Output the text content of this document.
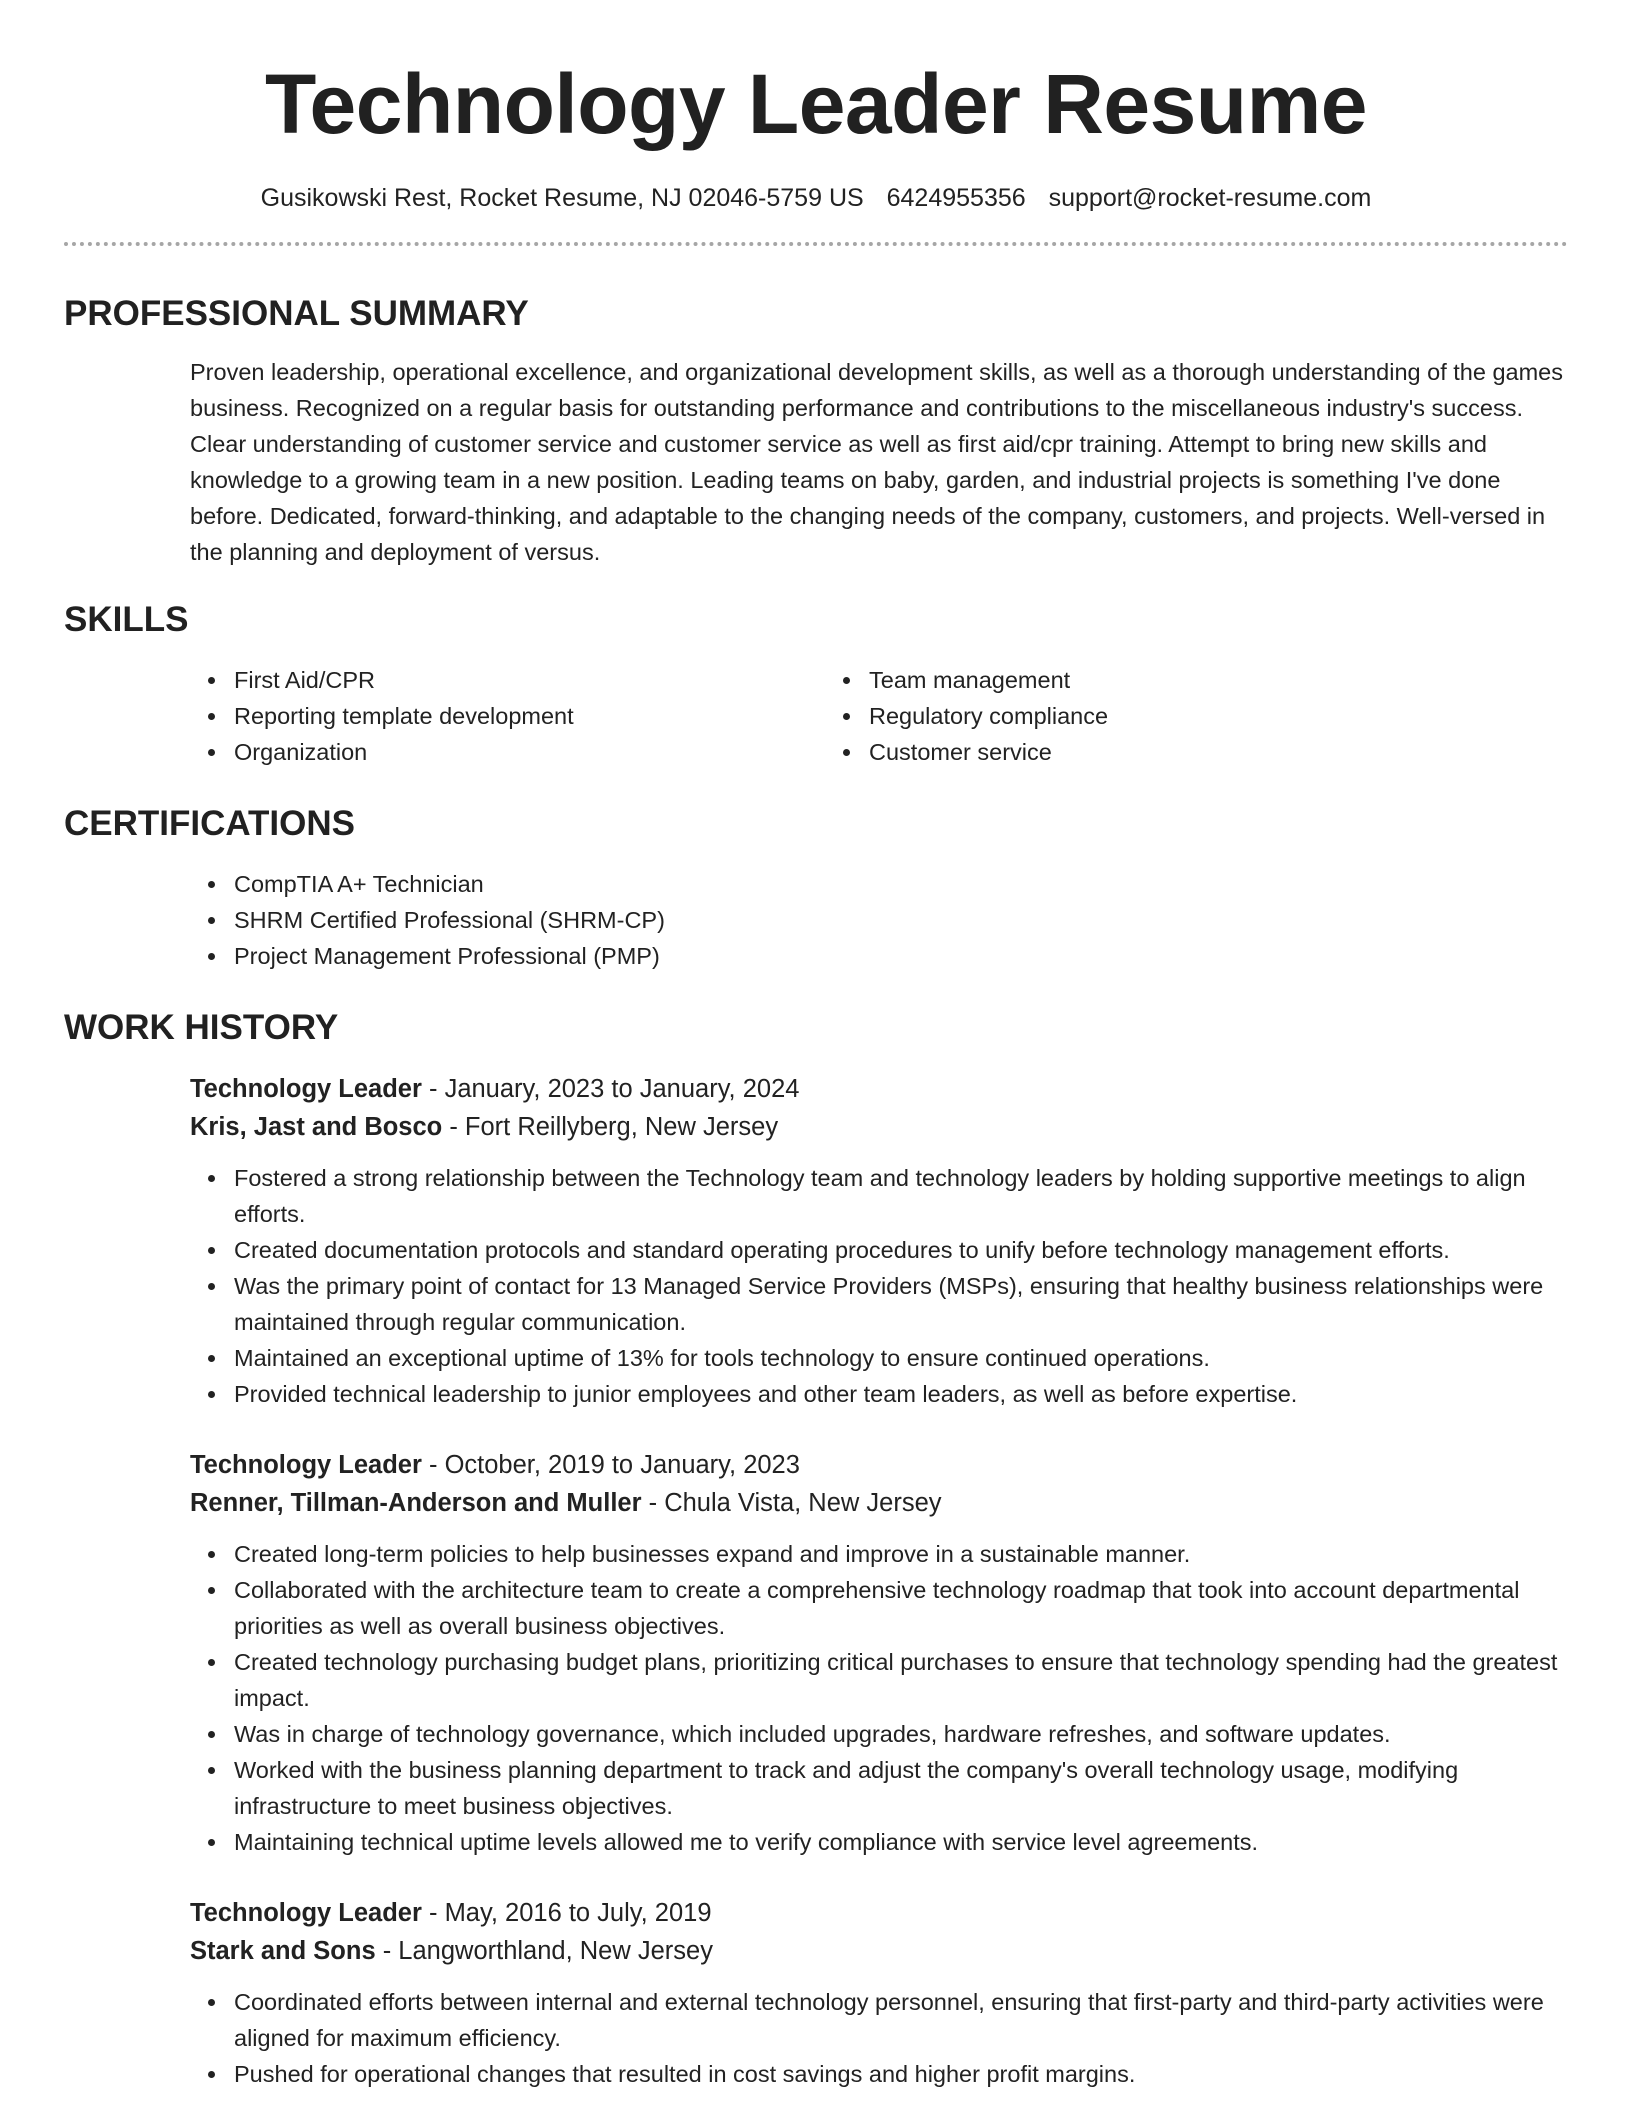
Technology Leader Resume
Gusikowski Rest, Rocket Resume, NJ 02046-5759 US 6424955356 support@rocket-resume.com
PROFESSIONAL SUMMARY
Proven leadership, operational excellence, and organizational development skills, as well as a thorough understanding of the games business. Recognized on a regular basis for outstanding performance and contributions to the miscellaneous industry's success. Clear understanding of customer service and customer service as well as first aid/cpr training. Attempt to bring new skills and knowledge to a growing team in a new position. Leading teams on baby, garden, and industrial projects is something I've done before. Dedicated, forward-thinking, and adaptable to the changing needs of the company, customers, and projects. Well-versed in the planning and deployment of versus.
SKILLS
First Aid/CPR
Reporting template development
Organization
Team management
Regulatory compliance
Customer service
CERTIFICATIONS
CompTIA A+ Technician
SHRM Certified Professional (SHRM-CP)
Project Management Professional (PMP)
WORK HISTORY
Technology Leader - January, 2023 to January, 2024
Kris, Jast and Bosco - Fort Reillyberg, New Jersey
Fostered a strong relationship between the Technology team and technology leaders by holding supportive meetings to align efforts.
Created documentation protocols and standard operating procedures to unify before technology management efforts.
Was the primary point of contact for 13 Managed Service Providers (MSPs), ensuring that healthy business relationships were maintained through regular communication.
Maintained an exceptional uptime of 13% for tools technology to ensure continued operations.
Provided technical leadership to junior employees and other team leaders, as well as before expertise.
Technology Leader - October, 2019 to January, 2023
Renner, Tillman-Anderson and Muller - Chula Vista, New Jersey
Created long-term policies to help businesses expand and improve in a sustainable manner.
Collaborated with the architecture team to create a comprehensive technology roadmap that took into account departmental priorities as well as overall business objectives.
Created technology purchasing budget plans, prioritizing critical purchases to ensure that technology spending had the greatest impact.
Was in charge of technology governance, which included upgrades, hardware refreshes, and software updates.
Worked with the business planning department to track and adjust the company's overall technology usage, modifying infrastructure to meet business objectives.
Maintaining technical uptime levels allowed me to verify compliance with service level agreements.
Technology Leader - May, 2016 to July, 2019
Stark and Sons - Langworthland, New Jersey
Coordinated efforts between internal and external technology personnel, ensuring that first-party and third-party activities were aligned for maximum efficiency.
Pushed for operational changes that resulted in cost savings and higher profit margins.
